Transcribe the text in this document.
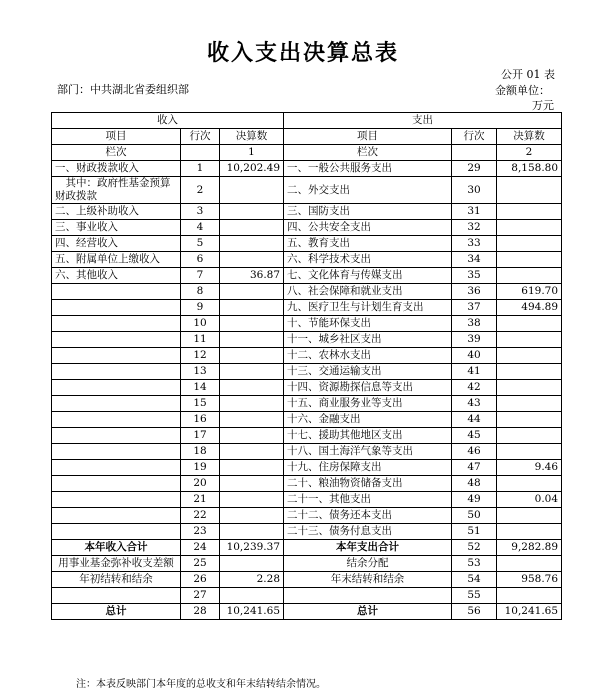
收入支出决算总表
公开 01 表
部门：中共湖北省委组织部	金额单位：
万元
收入			支出		
项目	行次	决算数	项目	行次	决算数
栏次		1	栏次		2
一、财政拨款收入	1	10,202.49	一、一般公共服务支出	29	8,158.80
　其中：政府性基金预算财政拨款	2		二、外交支出	30	
二、上级补助收入	3		三、国防支出	31	
三、事业收入	4		四、公共安全支出	32	
四、经营收入	5		五、教育支出	33	
五、附属单位上缴收入	6		六、科学技术支出	34	
六、其他收入	7	36.87	七、文化体育与传媒支出	35	
	8		八、社会保障和就业支出	36	619.70
	9		九、医疗卫生与计划生育支出	37	494.89
	10		十、节能环保支出	38	
	11		十一、城乡社区支出	39	
	12		十二、农林水支出	40	
	13		十三、交通运输支出	41	
	14		十四、资源勘探信息等支出	42	
	15		十五、商业服务业等支出	43	
	16		十六、金融支出	44	
	17		十七、援助其他地区支出	45	
	18		十八、国土海洋气象等支出	46	
	19		十九、住房保障支出	47	9.46
	20		二十、粮油物资储备支出	48	
	21		二十一、其他支出	49	0.04
	22		二十二、债务还本支出	50	
	23		二十三、债务付息支出	51	
本年收入合计	24	10,239.37	本年支出合计	52	9,282.89
用事业基金弥补收支差额	25		结余分配	53	
年初结转和结余	26	2.28	年末结转和结余	54	958.76
	27			55	
总计	28	10,241.65	总计	56	10,241.65
注：本表反映部门本年度的总收支和年末结转结余情况。
